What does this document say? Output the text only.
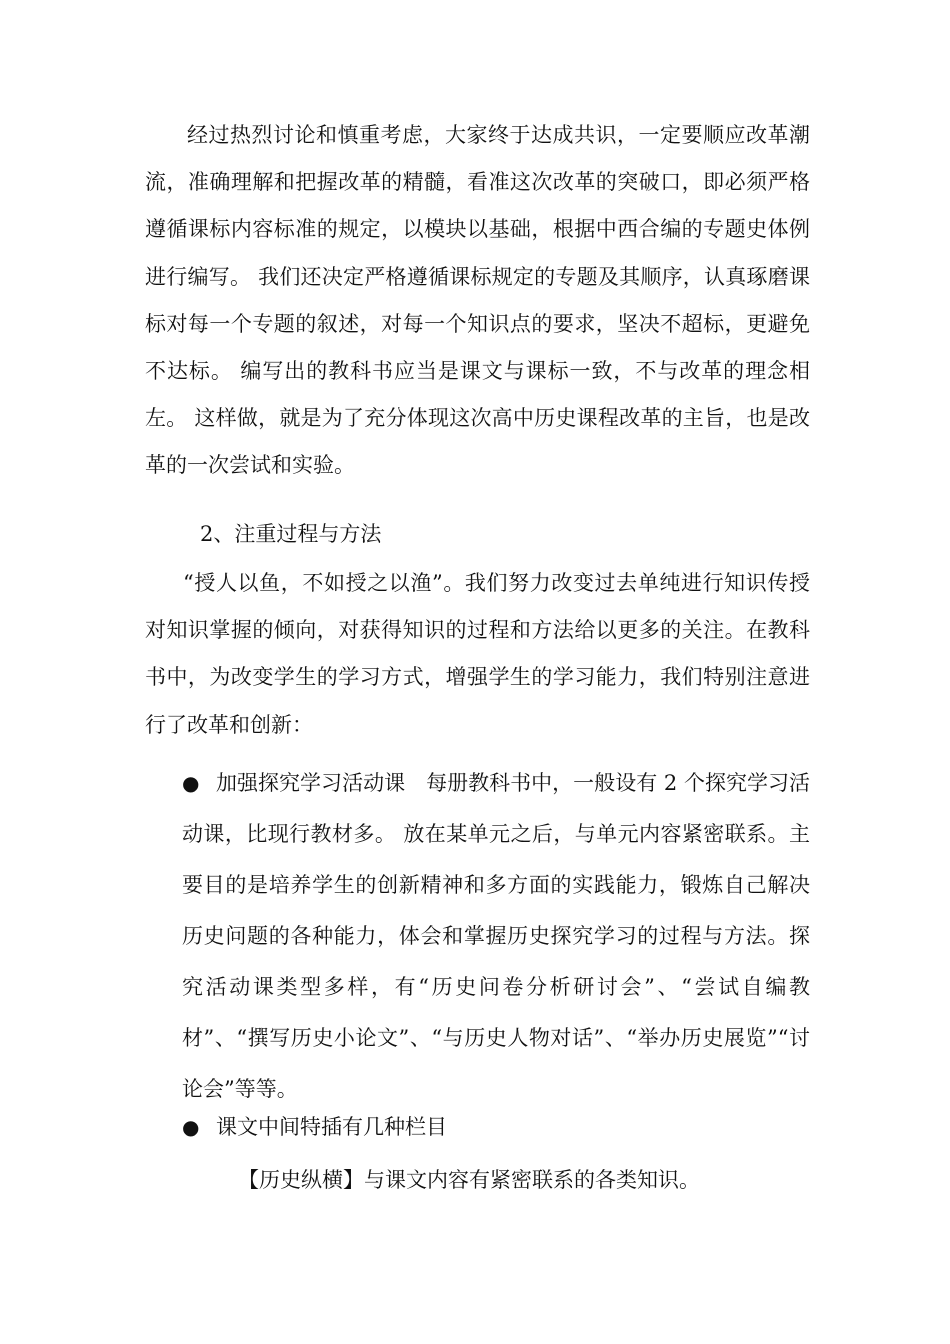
经过热烈讨论和慎重考虑，大家终于达成共识，一定要顺应改革潮流，准确理解和把握改革的精髓，看准这次改革的突破口，即必须严格遵循课标内容标准的规定，以模块以基础，根据中西合编的专题史体例进行编写。 我们还决定严格遵循课标规定的专题及其顺序，认真琢磨课标对每一个专题的叙述，对每一个知识点的要求，坚决不超标，更避免不达标。 编写出的教科书应当是课文与课标一致，不与改革的理念相左。 这样做，就是为了充分体现这次高中历史课程改革的主旨，也是改革的一次尝试和实验。

2、注重过程与方法

“授人以鱼，不如授之以渔”。我们努力改变过去单纯进行知识传授对知识掌握的倾向，对获得知识的过程和方法给以更多的关注。在教科书中，为改变学生的学习方式，增强学生的学习能力，我们特别注意进行了改革和创新：

● 加强探究学习活动课　每册教科书中，一般设有 2 个探究学习活动课，比现行教材多。 放在某单元之后，与单元内容紧密联系。主要目的是培养学生的创新精神和多方面的实践能力，锻炼自己解决历史问题的各种能力，体会和掌握历史探究学习的过程与方法。探究活动课类型多样，有“历史问卷分析研讨会”、“尝试自编教材”、“撰写历史小论文”、“与历史人物对话”、“举办历史展览”“讨论会”等等。

● 课文中间特插有几种栏目

【历史纵横】与课文内容有紧密联系的各类知识。
